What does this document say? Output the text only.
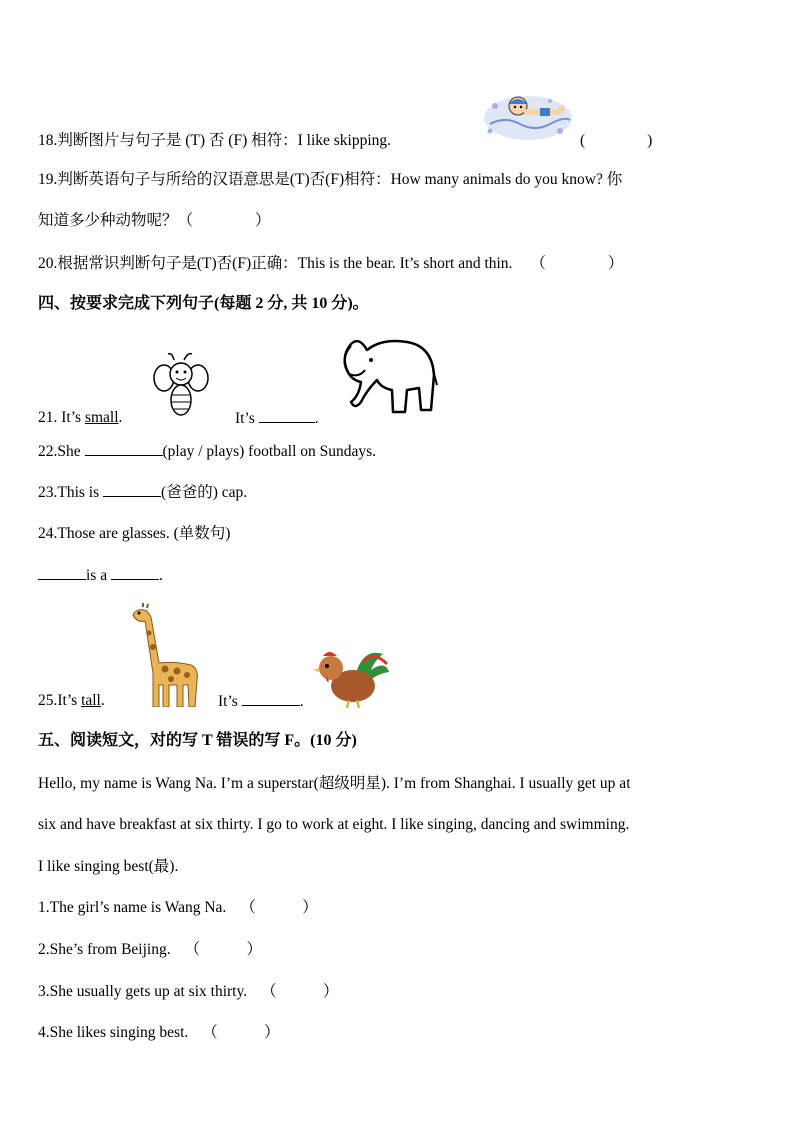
18.判断图片与句子是 (T) 否 (F) 相符：I like skipping.	(　　　　)
19.判断英语句子与所给的汉语意思是(T)否(F)相符：How many animals do you know? 你
知道多少种动物呢？（　　　　）
20.根据常识判断句子是(T)否(F)正确：This is the bear. It’s short and thin. （　　　　）
四、按要求完成下列句子(每题 2 分, 共 10 分)。
21. It’s small.	It’s	.
22.She	(play / plays) football on Sundays.
23.This is	(爸爸的) cap.
24.Those are glasses. (单数句)
is a	.
25.It’s tall.	It’s	.
五、阅读短文，对的写 T 错误的写 F。(10 分)
Hello, my name is Wang Na. I’m a superstar(超级明星). I’m from Shanghai. I usually get up at
six and have breakfast at six thirty. I go to work at eight. I like singing, dancing and swimming.
I like singing best(最).
1.The girl’s name is Wang Na. （　　　）
2.She’s from Beijing. （　　　）
3.She usually gets up at six thirty. （　　　）
4.She likes singing best. （　　　）
